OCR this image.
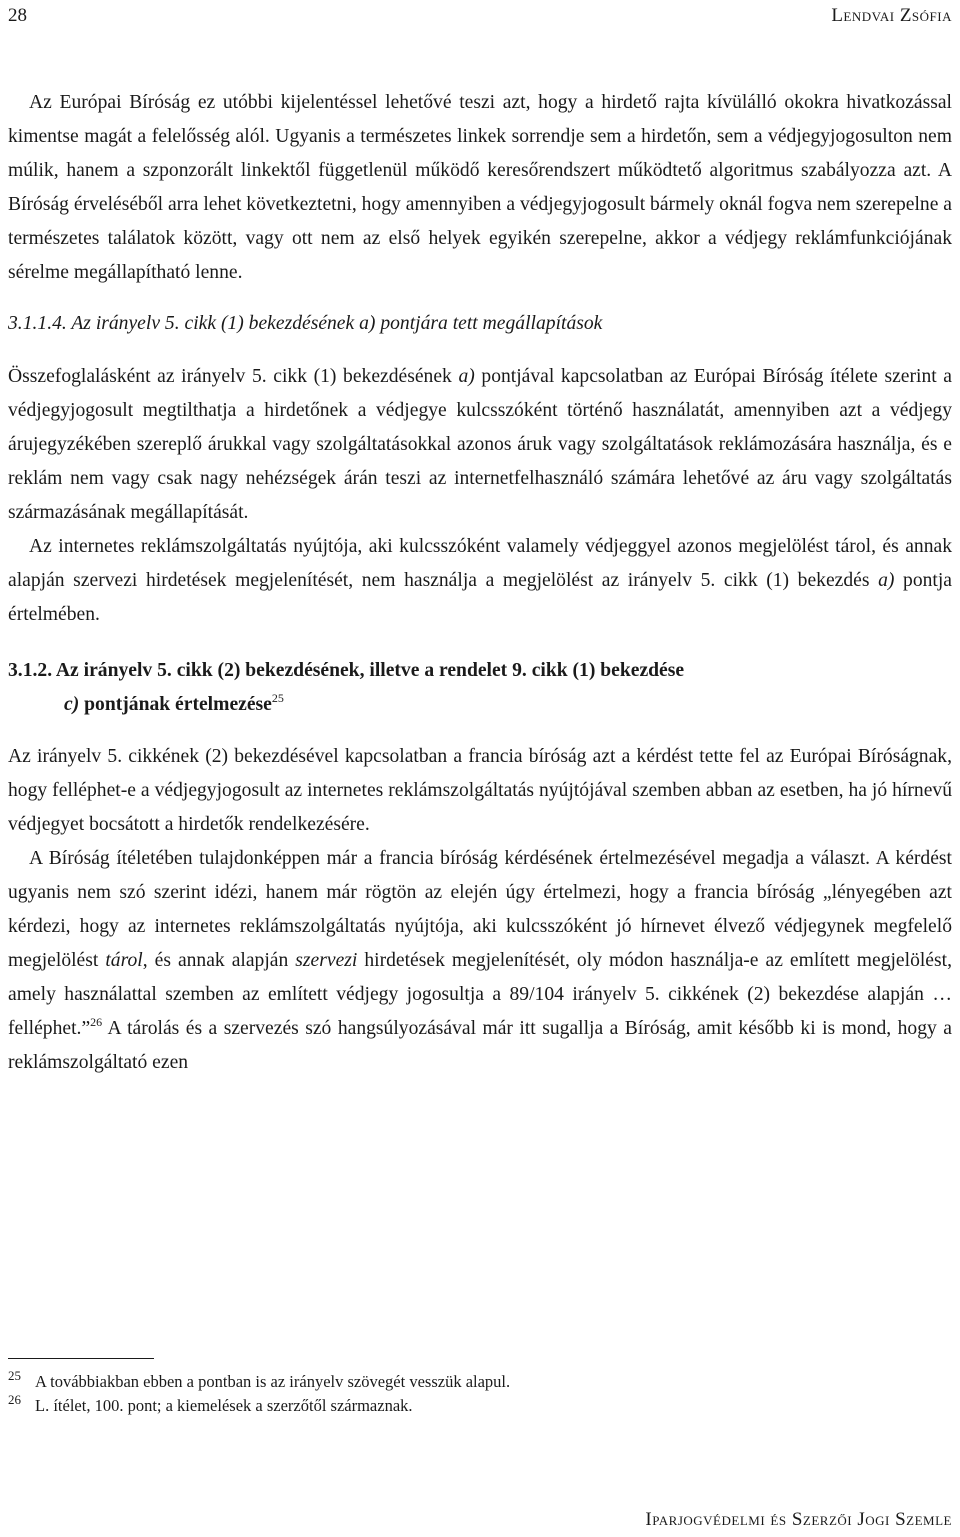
28	Lendvai Zsófia

Az Európai Bíróság ez utóbbi kijelentéssel lehetővé teszi azt, hogy a hirdető rajta kívülálló okokra hivatkozással kimentse magát a felelősség alól. Ugyanis a természetes linkek sorrendje sem a hirdetőn, sem a védjegyjogosulton nem múlik, hanem a szponzorált linkektől függetlenül működő keresőrendszert működtető algoritmus szabályozza azt. A Bíróság érveléséből arra lehet következtetni, hogy amennyiben a védjegyjogosult bármely oknál fogva nem szerepelne a természetes találatok között, vagy ott nem az első helyek egyikén szerepelne, akkor a védjegy reklámfunkciójának sérelme megállapítható lenne.

3.1.1.4. Az irányelv 5. cikk (1) bekezdésének a) pontjára tett megállapítások

Összefoglalásként az irányelv 5. cikk (1) bekezdésének a) pontjával kapcsolatban az Európai Bíróság ítélete szerint a védjegyjogosult megtilthatja a hirdetőnek a védjegye kulcsszóként történő használatát, amennyiben azt a védjegy árujegyzékében szereplő árukkal vagy szolgáltatásokkal azonos áruk vagy szolgáltatások reklámozására használja, és e reklám nem vagy csak nagy nehézségek árán teszi az internetfelhasználó számára lehetővé az áru vagy szolgáltatás származásának megállapítását.

Az internetes reklámszolgáltatás nyújtója, aki kulcsszóként valamely védjeggyel azonos megjelölést tárol, és annak alapján szervezi hirdetések megjelenítését, nem használja a megjelölést az irányelv 5. cikk (1) bekezdés a) pontja értelmében.

3.1.2. Az irányelv 5. cikk (2) bekezdésének, illetve a rendelet 9. cikk (1) bekezdése
c) pontjának értelmezése$^{25}$

Az irányelv 5. cikkének (2) bekezdésével kapcsolatban a francia bíróság azt a kérdést tette fel az Európai Bíróságnak, hogy felléphet-e a védjegyjogosult az internetes reklámszolgáltatás nyújtójával szemben abban az esetben, ha jó hírnevű védjegyet bocsátott a hirdetők rendelkezésére.

A Bíróság ítéletében tulajdonképpen már a francia bíróság kérdésének értelmezésével megadja a választ. A kérdést ugyanis nem szó szerint idézi, hanem már rögtön az elején úgy értelmezi, hogy a francia bíróság „lényegében azt kérdezi, hogy az internetes reklámszolgáltatás nyújtója, aki kulcsszóként jó hírnevet élvező védjegynek megfelelő megjelölést tárol, és annak alapján szervezi hirdetések megjelenítését, oly módon használja-e az említett megjelölést, amely használattal szemben az említett védjegy jogosultja a 89/104 irányelv 5. cikkének (2) bekezdése alapján … felléphet.”$^{26}$ A tárolás és a szervezés szó hangsúlyozásával már itt sugallja a Bíróság, amit később ki is mond, hogy a reklámszolgáltató ezen

25 A továbbiakban ebben a pontban is az irányelv szövegét vesszük alapul.
26 L. ítélet, 100. pont; a kiemelések a szerzőtől származnak.
Iparjogvédelmi és Szerzői Jogi Szemle
